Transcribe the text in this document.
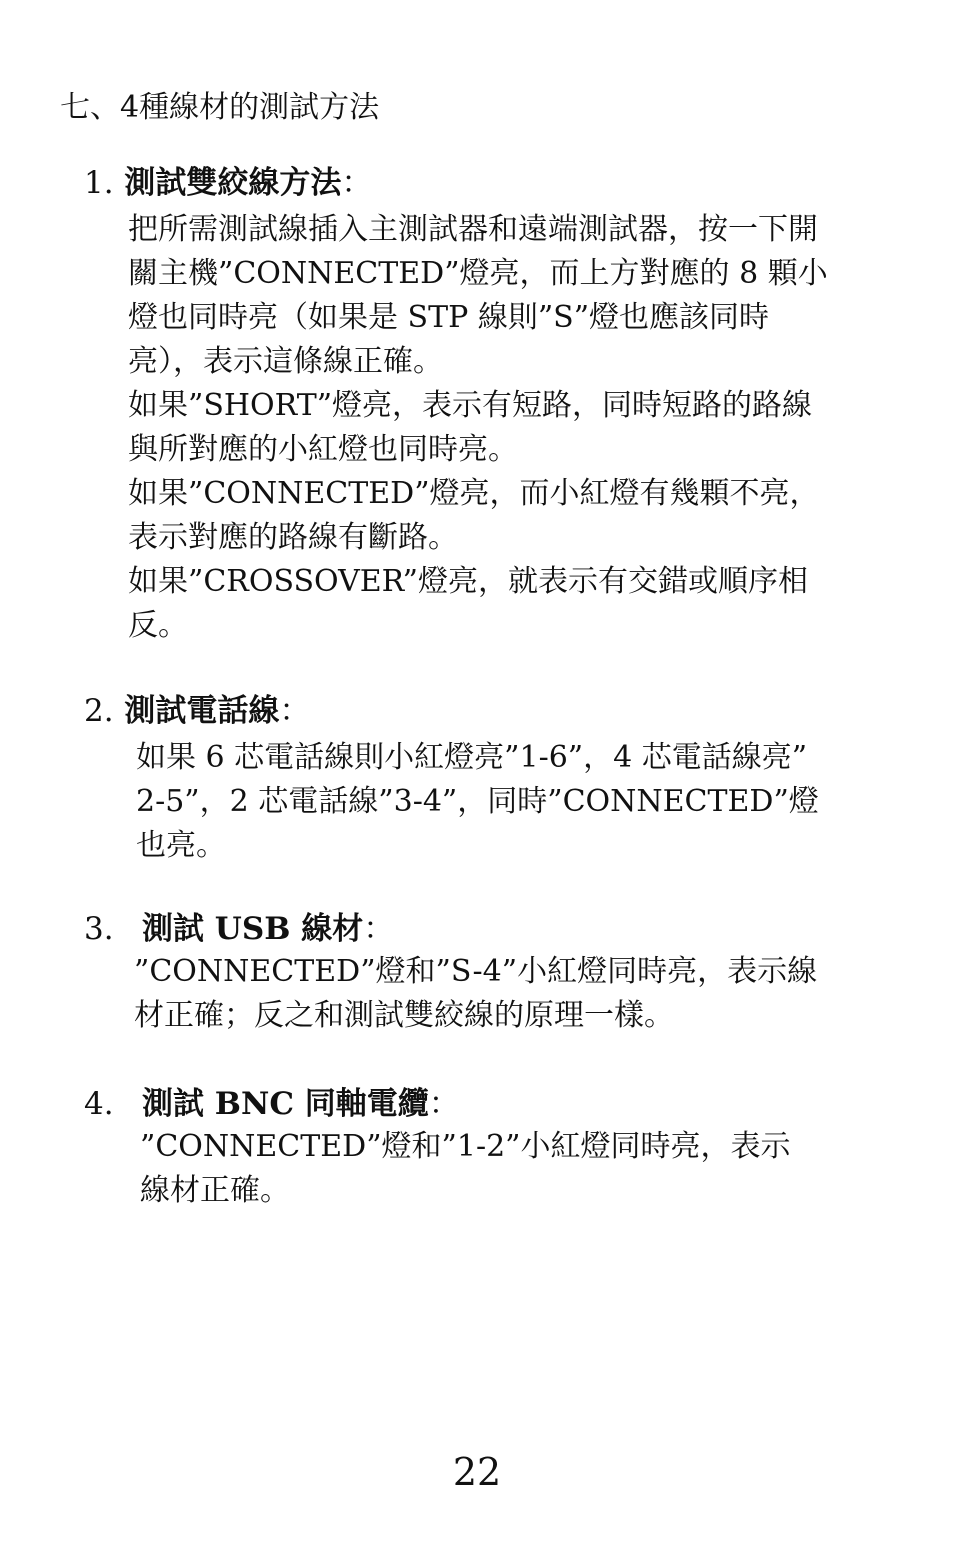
七、4種線材的測試方法
1. 測試雙絞線方法：
把所需測試線插入主測試器和遠端測試器，按一下開
關主機”CONNECTED”燈亮，而上方對應的 8 顆小
燈也同時亮（如果是 STP 線則”S”燈也應該同時
亮），表示這條線正確。
如果”SHORT”燈亮，表示有短路，同時短路的路線
與所對應的小紅燈也同時亮。
如果”CONNECTED”燈亮，而小紅燈有幾顆不亮，
表示對應的路線有斷路。
如果”CROSSOVER”燈亮，就表示有交錯或順序相
反。
2. 測試電話線：
如果 6 芯電話線則小紅燈亮”1-6”，4 芯電話線亮”
2-5”，2 芯電話線”3-4”，同時”CONNECTED”燈
也亮。
3. 測試 USB 線材：
”CONNECTED”燈和”S-4”小紅燈同時亮，表示線
材正確；反之和測試雙絞線的原理一樣。
4. 測試 BNC 同軸電纜：
”CONNECTED”燈和”1-2”小紅燈同時亮，表示
線材正確。
22
